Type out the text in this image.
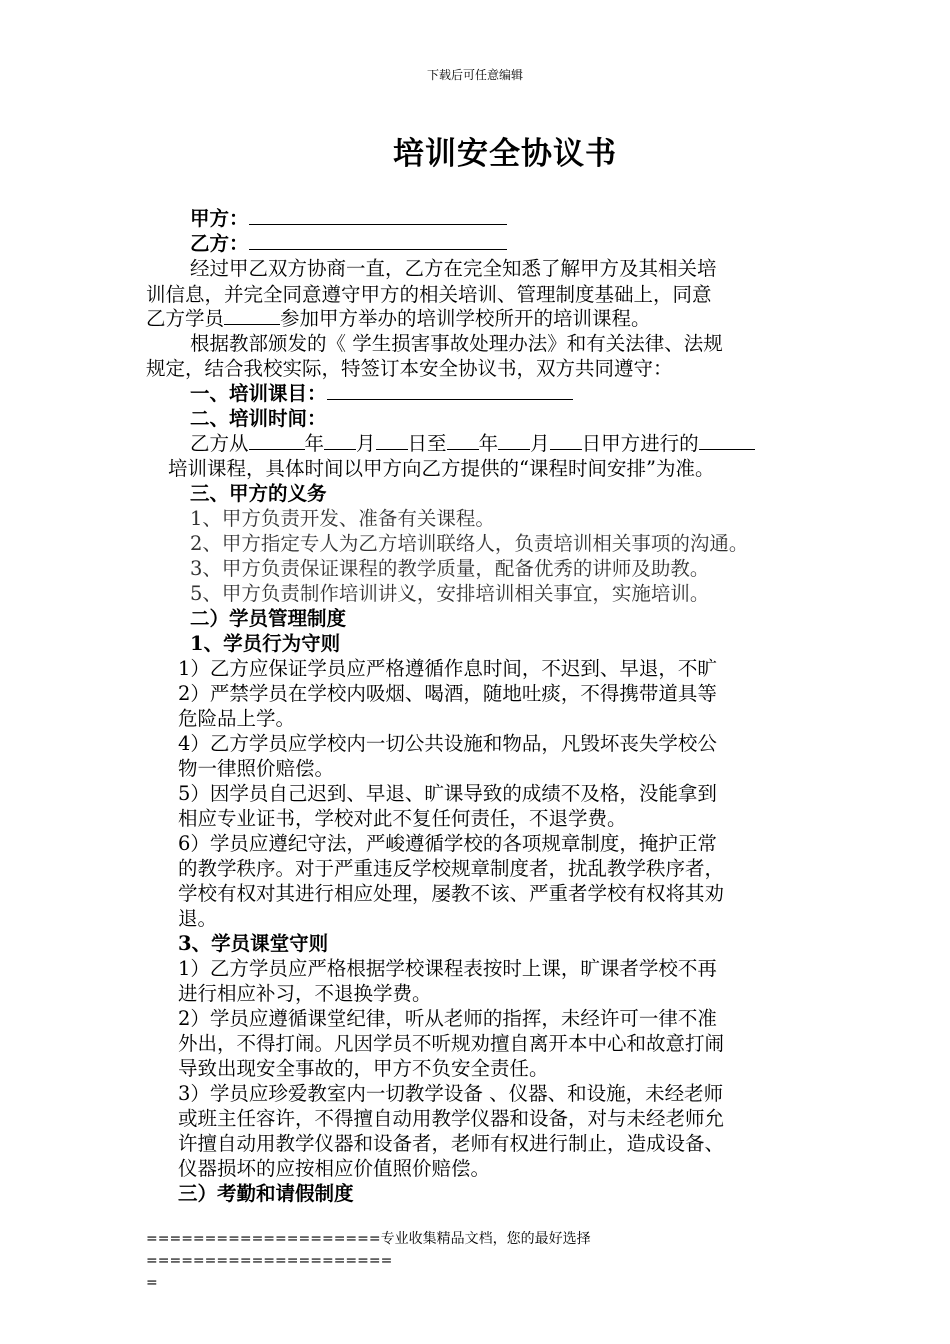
下载后可任意编辑
培训安全协议书
甲方：
乙方：
经过甲乙双方协商一直，乙方在完全知悉了解甲方及其相关培
训信息，并完全同意遵守甲方的相关培训、管理制度基础上，同意
乙方学员	参加甲方举办的培训学校所开的培训课程。
根据教部颁发的《 学生损害事故处理办法》和有关法律、法规
规定，结合我校实际，特签订本安全协议书，双方共同遵守：
一、培训课目：
二、培训时间：
乙方从	年 月 日至 年 月 日甲方进行的
培训课程，具体时间以甲方向乙方提供的“课程时间安排”为准。
三、甲方的义务
1、甲方负责开发、准备有关课程。
2、甲方指定专人为乙方培训联络人，负责培训相关事项的沟通。
3、甲方负责保证课程的教学质量，配备优秀的讲师及助教。
5、甲方负责制作培训讲义，安排培训相关事宜，实施培训。
二）学员管理制度
1、学员行为守则
1）乙方应保证学员应严格遵循作息时间，不迟到、早退，不旷
2）严禁学员在学校内吸烟、喝酒，随地吐痰，不得携带道具等
危险品上学。
4）乙方学员应学校内一切公共设施和物品，凡毁坏丧失学校公
物一律照价赔偿。
5）因学员自己迟到、早退、旷课导致的成绩不及格，没能拿到
相应专业证书，学校对此不复任何责任，不退学费。
6）学员应遵纪守法，严峻遵循学校的各项规章制度，掩护正常
的教学秩序。对于严重违反学校规章制度者，扰乱教学秩序者，
学校有权对其进行相应处理，屡教不该、严重者学校有权将其劝
退。
3、学员课堂守则
1）乙方学员应严格根据学校课程表按时上课，旷课者学校不再
进行相应补习，不退换学费。
2）学员应遵循课堂纪律，听从老师的指挥，未经许可一律不准
外出，不得打闹。凡因学员不听规劝擅自离开本中心和故意打闹
导致出现安全事故的，甲方不负安全责任。
3）学员应珍爱教室内一切教学设备 、仪器、和设施，未经老师
或班主任容许，不得擅自动用教学仪器和设备，对与未经老师允
许擅自动用教学仪器和设备者，老师有权进行制止，造成设备、
仪器损坏的应按相应价值照价赔偿。
三）考勤和请假制度
====================专业收集精品文档，您的最好选择=====================
=
